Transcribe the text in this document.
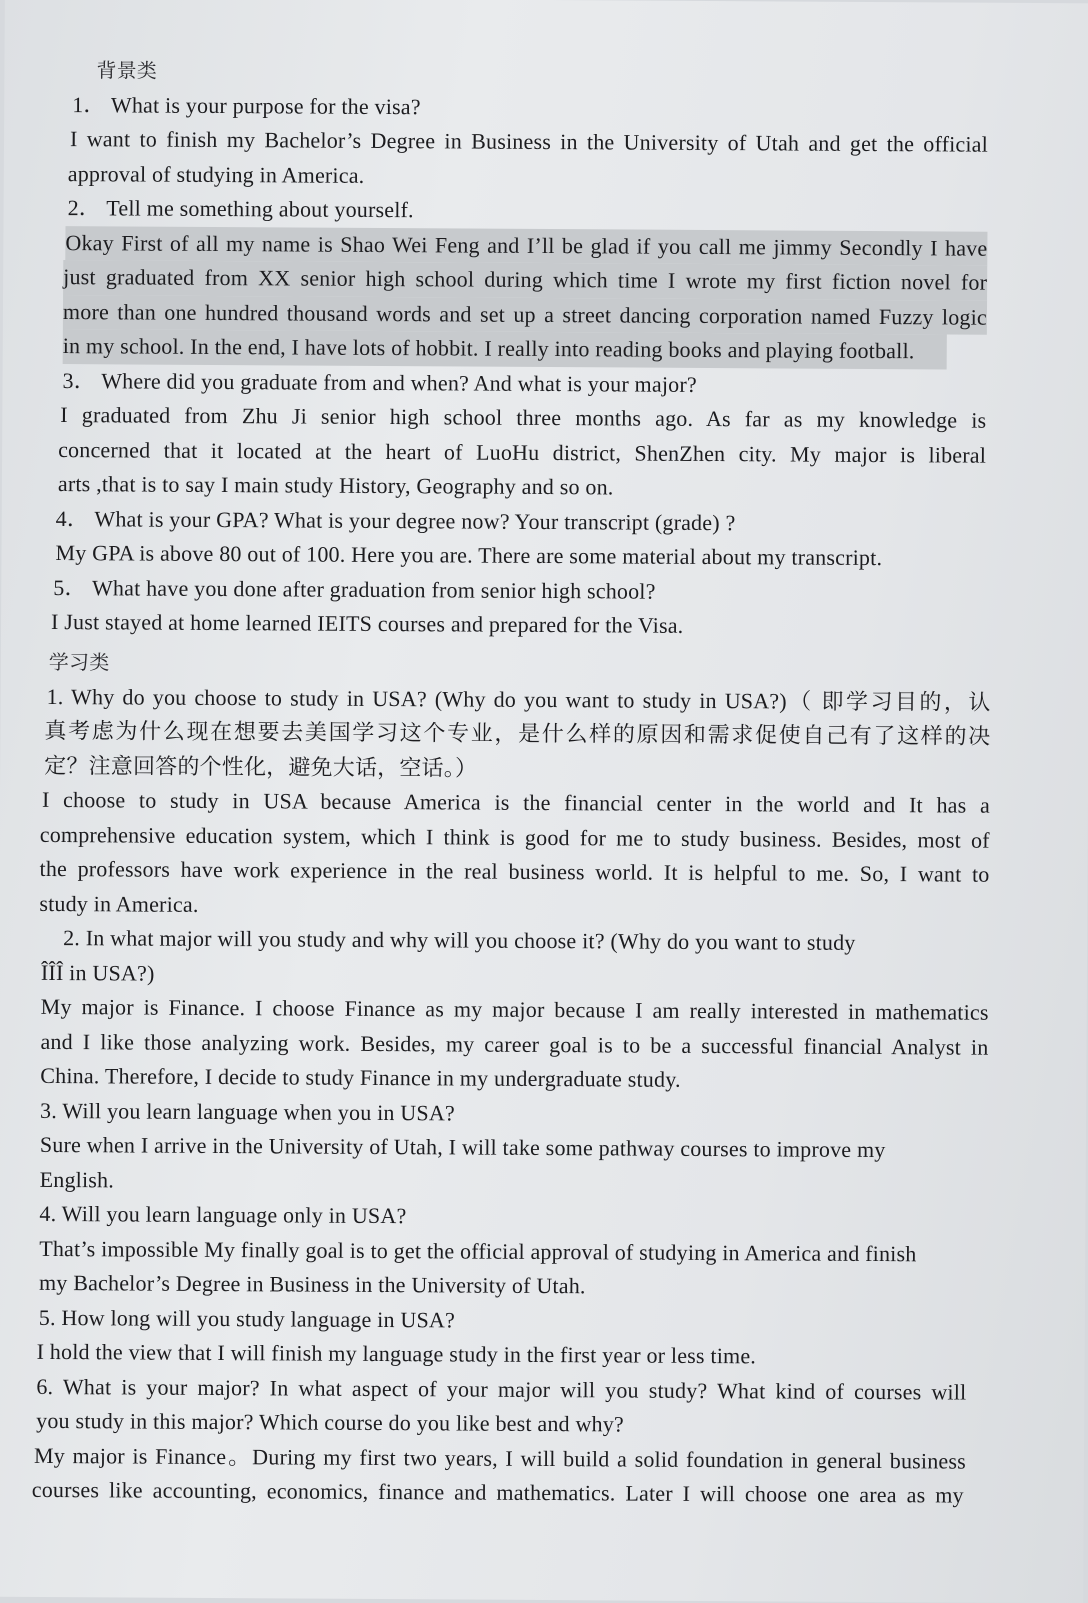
背景类
1． What is your purpose for the visa?
I want to finish my Bachelor’s Degree in Business in the University of Utah and get the official
approval of studying in America.
2． Tell me something about yourself.
Okay First of all my name is Shao Wei Feng and I’ll be glad if you call me jimmy Secondly I have
just graduated from XX senior high school during which time I wrote my first fiction novel for
more than one hundred thousand words and set up a street dancing corporation named Fuzzy logic
in my school. In the end, I have lots of hobbit. I really into reading books and playing football.
3． Where did you graduate from and when? And what is your major?
I graduated from Zhu Ji senior high school three months ago. As far as my knowledge is
concerned that it located at the heart of LuoHu district, ShenZhen city. My major is liberal
arts ,that is to say I main study History, Geography and so on.
4． What is your GPA? What is your degree now? Your transcript (grade) ?
My GPA is above 80 out of 100. Here you are. There are some material about my transcript.
5． What have you done after graduation from senior high school?
I Just stayed at home learned IEITS courses and prepared for the Visa.
学习类
1. Why do you choose to study in USA? (Why do you want to study in USA?)（ 即学习目的，认
真考虑为什么现在想要去美国学习这个专业，是什么样的原因和需求促使自己有了这样的决
定？注意回答的个性化，避免大话，空话。）
I choose to study in USA because America is the financial center in the world and It has a
comprehensive education system, which I think is good for me to study business. Besides, most of
the professors have work experience in the real business world. It is helpful to me. So, I want to
study in America.
2. In what major will you study and why will you choose it? (Why do you want to study
ÎÎÎ in USA?)
My major is Finance. I choose Finance as my major because I am really interested in mathematics
and I like those analyzing work. Besides, my career goal is to be a successful financial Analyst in
China. Therefore, I decide to study Finance in my undergraduate study.
3. Will you learn language when you in USA?
Sure when I arrive in the University of Utah, I will take some pathway courses to improve my
English.
4. Will you learn language only in USA?
That’s impossible My finally goal is to get the official approval of studying in America and finish
my Bachelor’s Degree in Business in the University of Utah.
5. How long will you study language in USA?
I hold the view that I will finish my language study in the first year or less time.
6. What is your major? In what aspect of your major will you study? What kind of courses will
you study in this major? Which course do you like best and why?
My major is Finance。During my first two years, I will build a solid foundation in general business
courses like accounting, economics, finance and mathematics. Later I will choose one area as my
